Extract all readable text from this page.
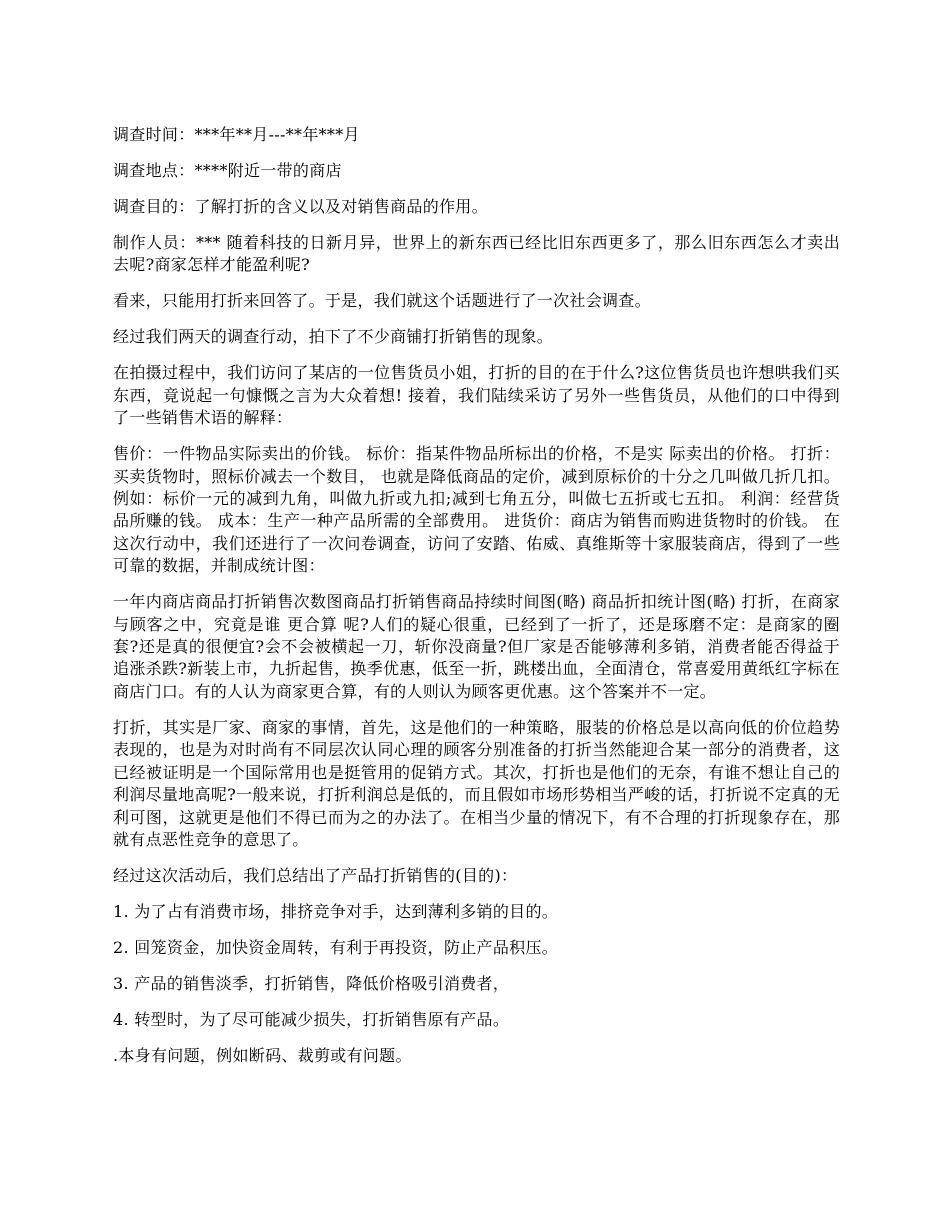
调查时间：***年**月---**年***月

调查地点：****附近一带的商店

调查目的：了解打折的含义以及对销售商品的作用。

制作人员：*** 随着科技的日新月异，世界上的新东西已经比旧东西更多了，那么旧东西怎么才卖出去呢?商家怎样才能盈利呢?

看来，只能用打折来回答了。于是，我们就这个话题进行了一次社会调查。

经过我们两天的调查行动，拍下了不少商铺打折销售的现象。

在拍摄过程中，我们访问了某店的一位售货员小姐，打折的目的在于什么?这位售货员也许想哄我们买东西，竟说起一句慷慨之言为大众着想! 接着，我们陆续采访了另外一些售货员，从他们的口中得到了一些销售术语的解释：

售价：一件物品实际卖出的价钱。 标价：指某件物品所标出的价格，不是实 际卖出的价格。 打折：买卖货物时，照标价减去一个数目， 也就是降低商品的定价，减到原标价的十分之几叫做几折几扣。例如：标价一元的减到九角，叫做九折或九扣;减到七角五分，叫做七五折或七五扣。 利润：经营货品所赚的钱。 成本：生产一种产品所需的全部费用。 进货价：商店为销售而购进货物时的价钱。 在这次行动中，我们还进行了一次问卷调查，访问了安踏、佑威、真维斯等十家服装商店，得到了一些可靠的数据，并制成统计图：

一年内商店商品打折销售次数图商品打折销售商品持续时间图(略) 商品折扣统计图(略) 打折，在商家与顾客之中，究竟是谁 更合算 呢?人们的疑心很重，已经到了一折了，还是琢磨不定：是商家的圈套?还是真的很便宜?会不会被横起一刀，斩你没商量?但厂家是否能够薄利多销，消费者能否得益于追涨杀跌?新装上市，九折起售，换季优惠，低至一折，跳楼出血，全面清仓，常喜爱用黄纸红字标在商店门口。有的人认为商家更合算，有的人则认为顾客更优惠。这个答案并不一定。

打折，其实是厂家、商家的事情，首先，这是他们的一种策略，服装的价格总是以高向低的价位趋势表现的，也是为对时尚有不同层次认同心理的顾客分别准备的打折当然能迎合某一部分的消费者，这已经被证明是一个国际常用也是挺管用的促销方式。其次，打折也是他们的无奈，有谁不想让自己的利润尽量地高呢?一般来说，打折利润总是低的，而且假如市场形势相当严峻的话，打折说不定真的无利可图，这就更是他们不得已而为之的办法了。在相当少量的情况下，有不合理的打折现象存在，那就有点恶性竞争的意思了。

经过这次活动后，我们总结出了产品打折销售的(目的)：

1. 为了占有消费市场，排挤竞争对手，达到薄利多销的目的。

2. 回笼资金，加快资金周转，有利于再投资，防止产品积压。

3. 产品的销售淡季，打折销售，降低价格吸引消费者，

4. 转型时，为了尽可能减少损失，打折销售原有产品。

.本身有问题，例如断码、裁剪或有问题。
